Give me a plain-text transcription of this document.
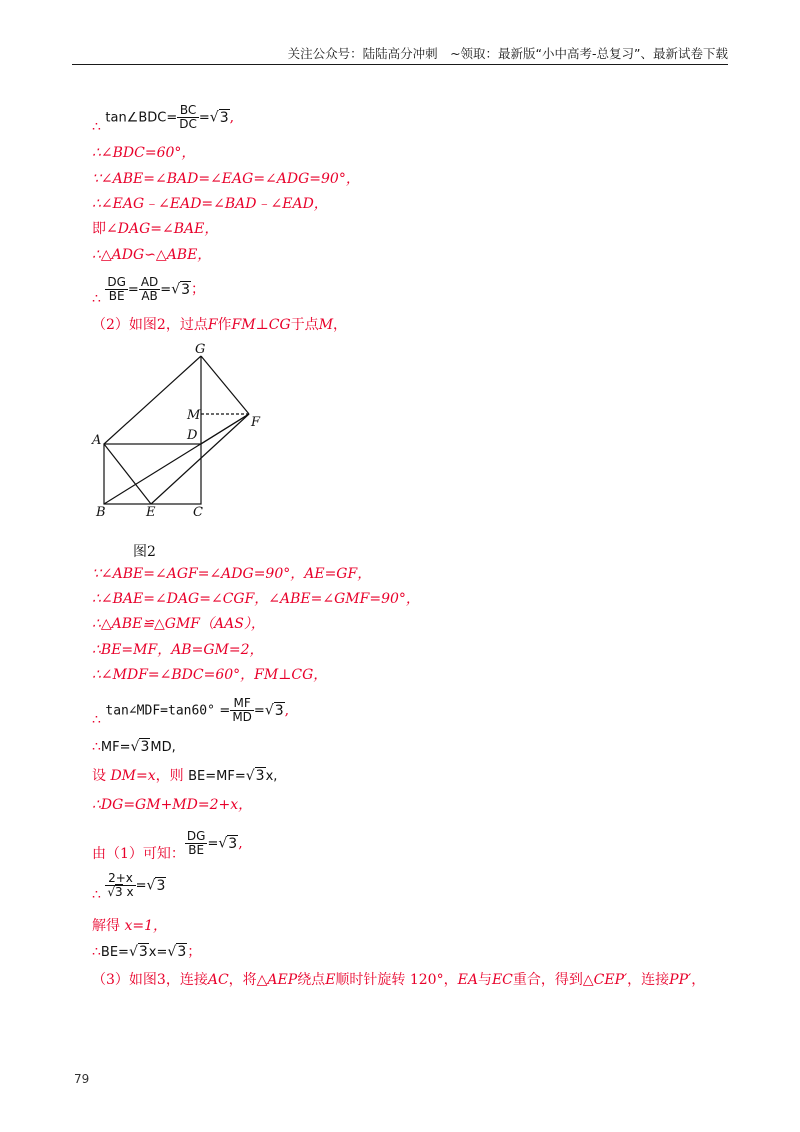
关注公众号：陆陆高分冲刺　~领取：最新版“小中高考-总复习”、最新试卷下载
∴ tan∠BDC= $\frac{BC}{DC} =√3$,
∴∠BDC=60°，
∵∠ABE=∠BAD=∠EAG=∠ADG=90°，
∴∠EAG﹣∠EAD=∠BAD﹣∠EAD，
即∠DAG=∠BAE，
∴△ADG∽△ABE，
∴ $\frac{DG}{BE} = \frac{AD}{AB} =√3$；
（2）如图2，过点F作FM⊥CG于点M，
G
M	F
A	D
B	E	C
图2
∵∠ABE=∠AGF=∠ADG=90°，AE=GF，
∴∠BAE=∠DAG=∠CGF，∠ABE=∠GMF=90°，
∴△ABE≌△GMF（AAS），
∴BE=MF，AB=GM=2，
∴∠MDF=∠BDC=60°，FM⊥CG，
∴ tan∠MDF=tan60° = $\frac{MF}{MD} =√3$,
∴MF=√3MD,
设 DM=x，则 BE=MF=√3x,
∴DG=GM+MD=2+x，
由（1）可知： $\frac{DG}{BE} =√3$,
∴ $\frac{2+x}{√3 x} =√3$
解得 x=1，
∴BE=√3x=√3；
（3）如图3，连接AC，将△AEP绕点E顺时针旋转 120°，EA与EC重合，得到△CEP′，连接PP′，
79
